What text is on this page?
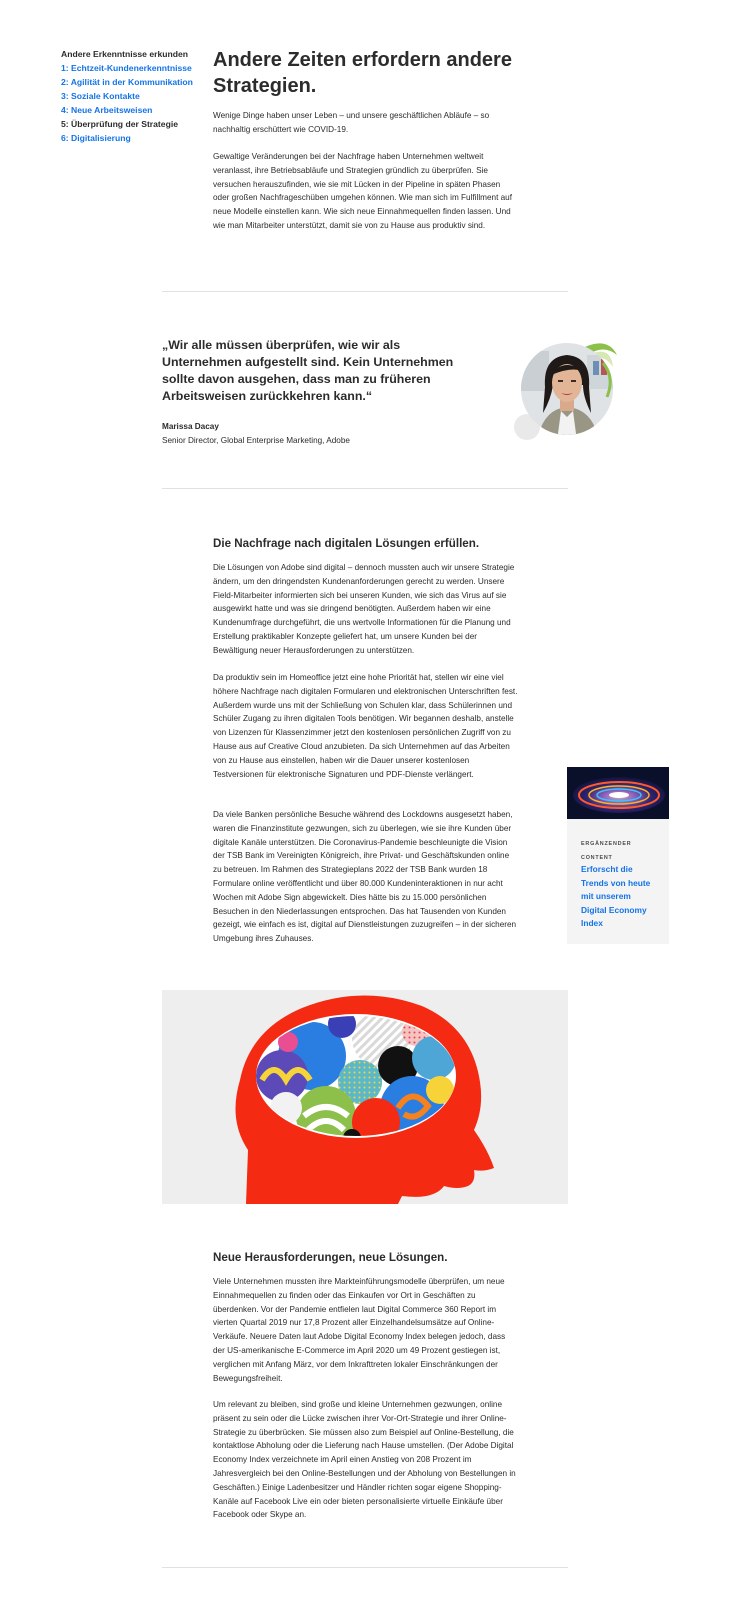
Andere Erkenntnisse erkunden
1: Echtzeit-Kundenerkenntnisse
2: Agilität in der Kommunikation
3: Soziale Kontakte
4: Neue Arbeitsweisen
5: Überprüfung der Strategie
6: Digitalisierung
Andere Zeiten erfordern andere Strategien.

Wenige Dinge haben unser Leben – und unsere geschäftlichen Abläufe – so nachhaltig erschüttert wie COVID-19.

Gewaltige Veränderungen bei der Nachfrage haben Unternehmen weltweit veranlasst, ihre Betriebsabläufe und Strategien gründlich zu überprüfen. Sie versuchen herauszufinden, wie sie mit Lücken in der Pipeline in späten Phasen oder großen Nachfrageschüben umgehen können. Wie man sich im Fulfillment auf neue Modelle einstellen kann. Wie sich neue Einnahmequellen finden lassen. Und wie man Mitarbeiter unterstützt, damit sie von zu Hause aus produktiv sind.

„Wir alle müssen überprüfen, wie wir als Unternehmen aufgestellt sind. Kein Unternehmen sollte davon ausgehen, dass man zu früheren Arbeitsweisen zurückkehren kann.“
Marissa Dacay
Senior Director, Global Enterprise Marketing, Adobe
Die Nachfrage nach digitalen Lösungen erfüllen.

Die Lösungen von Adobe sind digital – dennoch mussten auch wir unsere Strategie ändern, um den dringendsten Kundenanforderungen gerecht zu werden. Unsere Field-Mitarbeiter informierten sich bei unseren Kunden, wie sich das Virus auf sie ausgewirkt hatte und was sie dringend benötigten. Außerdem haben wir eine Kundenumfrage durchgeführt, die uns wertvolle Informationen für die Planung und Erstellung praktikabler Konzepte geliefert hat, um unsere Kunden bei der Bewältigung neuer Herausforderungen zu unterstützen.

Da produktiv sein im Homeoffice jetzt eine hohe Priorität hat, stellen wir eine viel höhere Nachfrage nach digitalen Formularen und elektronischen Unterschriften fest. Außerdem wurde uns mit der Schließung von Schulen klar, dass Schülerinnen und Schüler Zugang zu ihren digitalen Tools benötigen. Wir begannen deshalb, anstelle von Lizenzen für Klassenzimmer jetzt den kostenlosen persönlichen Zugriff von zu Hause aus auf Creative Cloud anzubieten. Da sich Unternehmen auf das Arbeiten von zu Hause aus einstellen, haben wir die Dauer unserer kostenlosen Testversionen für elektronische Signaturen und PDF-Dienste verlängert.

Da viele Banken persönliche Besuche während des Lockdowns ausgesetzt haben, waren die Finanzinstitute gezwungen, sich zu überlegen, wie sie ihre Kunden über digitale Kanäle unterstützen. Die Coronavirus-Pandemie beschleunigte die Vision der TSB Bank im Vereinigten Königreich, ihre Privat- und Geschäftskunden online zu betreuen. Im Rahmen des Strategieplans 2022 der TSB Bank wurden 18 Formulare online veröffentlicht und über 80.000 Kundeninteraktionen in nur acht Wochen mit Adobe Sign abgewickelt. Dies hätte bis zu 15.000 persönlichen Besuchen in den Niederlassungen entsprochen. Das hat Tausenden von Kunden gezeigt, wie einfach es ist, digital auf Dienstleistungen zuzugreifen – in der sicheren Umgebung ihres Zuhauses.

ERGÄNZENDER CONTENT
Erforscht die Trends von heute mit unserem Digital Economy Index
Neue Herausforderungen, neue Lösungen.

Viele Unternehmen mussten ihre Markteinführungsmodelle überprüfen, um neue Einnahmequellen zu finden oder das Einkaufen vor Ort in Geschäften zu überdenken. Vor der Pandemie entfielen laut Digital Commerce 360 Report im vierten Quartal 2019 nur 17,8 Prozent aller Einzelhandelsumsätze auf Online-Verkäufe. Neuere Daten laut Adobe Digital Economy Index belegen jedoch, dass der US-amerikanische E-Commerce im April 2020 um 49 Prozent gestiegen ist, verglichen mit Anfang März, vor dem Inkrafttreten lokaler Einschränkungen der Bewegungsfreiheit.

Um relevant zu bleiben, sind große und kleine Unternehmen gezwungen, online präsent zu sein oder die Lücke zwischen ihrer Vor-Ort-Strategie und ihrer Online-Strategie zu überbrücken. Sie müssen also zum Beispiel auf Online-Bestellung, die kontaktlose Abholung oder die Lieferung nach Hause umstellen. (Der Adobe Digital Economy Index verzeichnete im April einen Anstieg von 208 Prozent im Jahresvergleich bei den Online-Bestellungen und der Abholung von Bestellungen in Geschäften.) Einige Ladenbesitzer und Händler richten sogar eigene Shopping-Kanäle auf Facebook Live ein oder bieten personalisierte virtuelle Einkäufe über Facebook oder Skype an.
